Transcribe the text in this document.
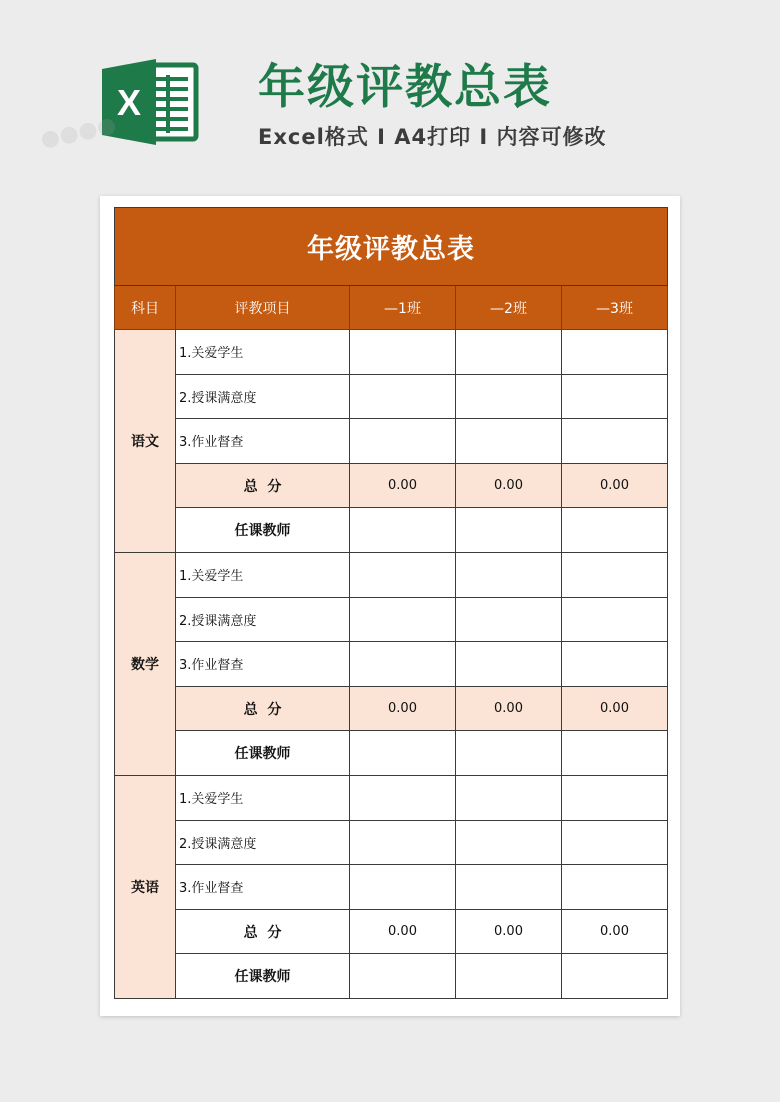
X 年级评教总表
Excel格式 I A4打印 I 内容可修改
年级评教总表				
科目	评教项目	—1班	—2班	—3班
语文	1.关爱学生			
	2.授课满意度			
	3.作业督查			
	总  分	0.00	0.00	0.00
	任课教师			
数学	1.关爱学生			
	2.授课满意度			
	3.作业督查			
	总  分	0.00	0.00	0.00
	任课教师			
英语	1.关爱学生			
	2.授课满意度			
	3.作业督查			
	总  分	0.00	0.00	0.00
	任课教师			
●●●●
